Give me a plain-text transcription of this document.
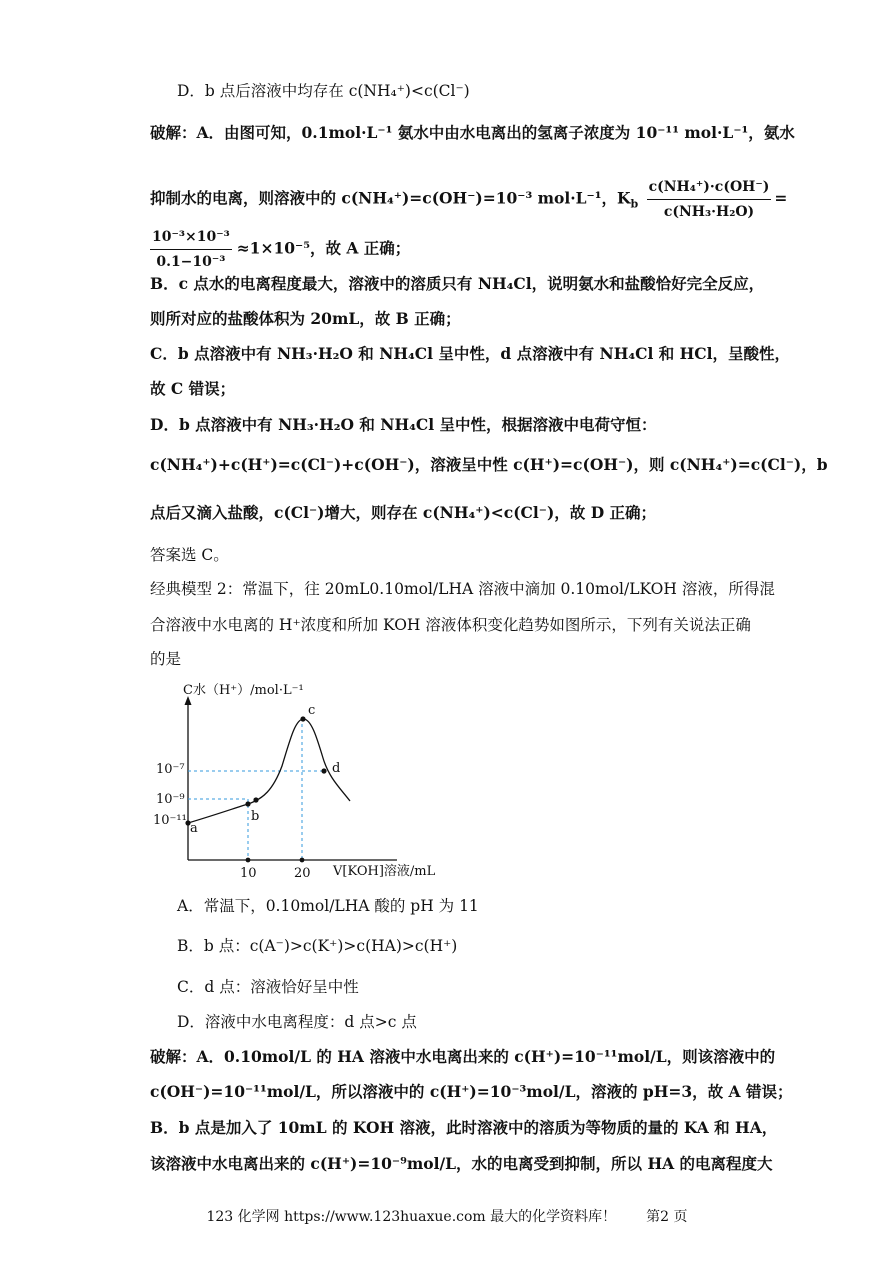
D．b 点后溶液中均存在 c(NH₄⁺)<c(Cl⁻)
破解：A．由图可知，0.1mol·L⁻¹ 氨水中由水电离出的氢离子浓度为 10⁻¹¹ mol·L⁻¹，氨水
抑制水的电离，则溶液中的 c(NH₄⁺)=c(OH⁻)=10⁻³ mol·L⁻¹，$K_b \frac{\text{c(NH₄⁺)·c(OH⁻)}}{\text{c(NH₃·H₂O)}}$ =
$\frac{\text{10⁻³×10⁻³}}{\text{0.1−10⁻³}} \approx 1\times 10^{-5}$，故 A 正确；
B．c 点水的电离程度最大，溶液中的溶质只有 NH₄Cl，说明氨水和盐酸恰好完全反应，
则所对应的盐酸体积为 20mL，故 B 正确；
C．b 点溶液中有 NH₃·H₂O 和 NH₄Cl 呈中性，d 点溶液中有 NH₄Cl 和 HCl，呈酸性，
故 C 错误；
D．b 点溶液中有 NH₃·H₂O 和 NH₄Cl 呈中性，根据溶液中电荷守恒：
c(NH₄⁺)+c(H⁺)=c(Cl⁻)+c(OH⁻)，溶液呈中性 c(H⁺)=c(OH⁻)，则 c(NH₄⁺)=c(Cl⁻)，b
点后又滴入盐酸，c(Cl⁻)增大，则存在 c(NH₄⁺)<c(Cl⁻)，故 D 正确；
答案选 C。
经典模型 2：常温下，往 20mL0.10mol/LHA 溶液中滴加 0.10mol/LKOH 溶液，所得混
合溶液中水电离的 H⁺浓度和所加 KOH 溶液体积变化趋势如图所示，下列有关说法正确
的是
a
b
c
d
10⁻⁷
10⁻⁹
10⁻¹¹
10	20
C水（H⁺）/mol·L⁻¹
V[KOH]溶液/mL
A．常温下，0.10mol/LHA 酸的 pH 为 11
B．b 点：c(A⁻)>c(K⁺)>c(HA)>c(H⁺)
C．d 点：溶液恰好呈中性
D．溶液中水电离程度：d 点>c 点
破解：A．0.10mol/L 的 HA 溶液中水电离出来的 c(H⁺)=10⁻¹¹mol/L，则该溶液中的
c(OH⁻)=10⁻¹¹mol/L，所以溶液中的 c(H⁺)=10⁻³mol/L，溶液的 pH=3，故 A 错误；
B．b 点是加入了 10mL 的 KOH 溶液，此时溶液中的溶质为等物质的量的 KA 和 HA，
该溶液中水电离出来的 c(H⁺)=10⁻⁹mol/L，水的电离受到抑制，所以 HA 的电离程度大
123 化学网 https://www.123huaxue.com 最大的化学资料库！ 第2 页
